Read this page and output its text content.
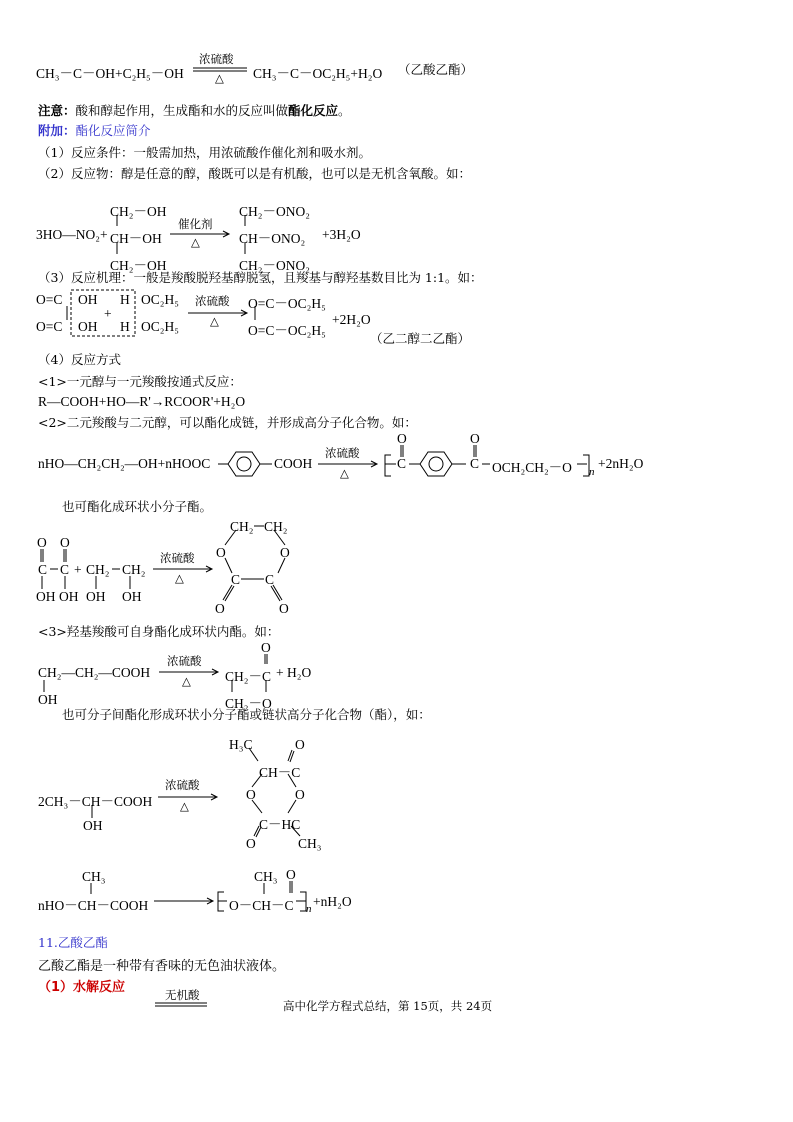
CH₃－C－OH+C₂H₅－OH
浓硫酸
△
催化剂
△
浓硫酸
△
浓硫酸
△
浓硫酸
△
浓硫酸
△
浓硫酸
△
无机酸
CH₃－C－OC₂H₅+H₂O （乙酸乙酯）
注意：酸和醇起作用，生成酯和水的反应叫做酯化反应。
附加：酯化反应简介
（1）反应条件：一般需加热，用浓硫酸作催化剂和吸水剂。
（2）反应物：醇是任意的醇，酸既可以是有机酸，也可以是无机含氧酸。如：
CH₂－OH
3HO—NO₂+ CH－OH
CH₂－OH
CH₂－ONO₂
CH－ONO₂ +3H₂O
CH₂－ONO₂
（3）反应机理：一般是羧酸脱羟基醇脱氢，且羧基与醇羟基数目比为 1:1。如：
O=C OH H OC₂H₅
+
O=C OH H OC₂H₅
O=C－OC₂H₅
O=C－OC₂H₅
+2H₂O
（乙二醇二乙酯）
（4）反应方式
<1>一元醇与一元羧酸按通式反应：
R—COOH+HO—R'→RCOOR'+H₂O
<2>二元羧酸与二元醇，可以酯化成链，并形成高分子化合物。如：
nHO—CH₂CH₂—OH+nHOOC	COOH
O
C
O
C OCH₂CH₂－O n
+2nH₂O
也可酯化成环状小分子酯。
O O
C C + CH₂ CH₂
OH OH OH OH
CH₂ CH₂
O	O
C C
O	O
<3>羟基羧酸可自身酯化成环状内酯。如：
CH₂—CH₂—COOH
OH
O
CH₂－C + H₂O
CH₂－O
也可分子间酯化形成环状小分子酯或链状高分子化合物（酯），如：
2CH₃－CH－COOH
OH
H₃C	O
CH－C
O	O
C－HC
O	CH₃
CH₃
nHO－CH－COOH
CH₃ O
O－CH－C n +nH₂O
11.乙酸乙酯
乙酸乙酯是一种带有香味的无色油状液体。
（1）水解反应
高中化学方程式总结，第 15页，共 24页
